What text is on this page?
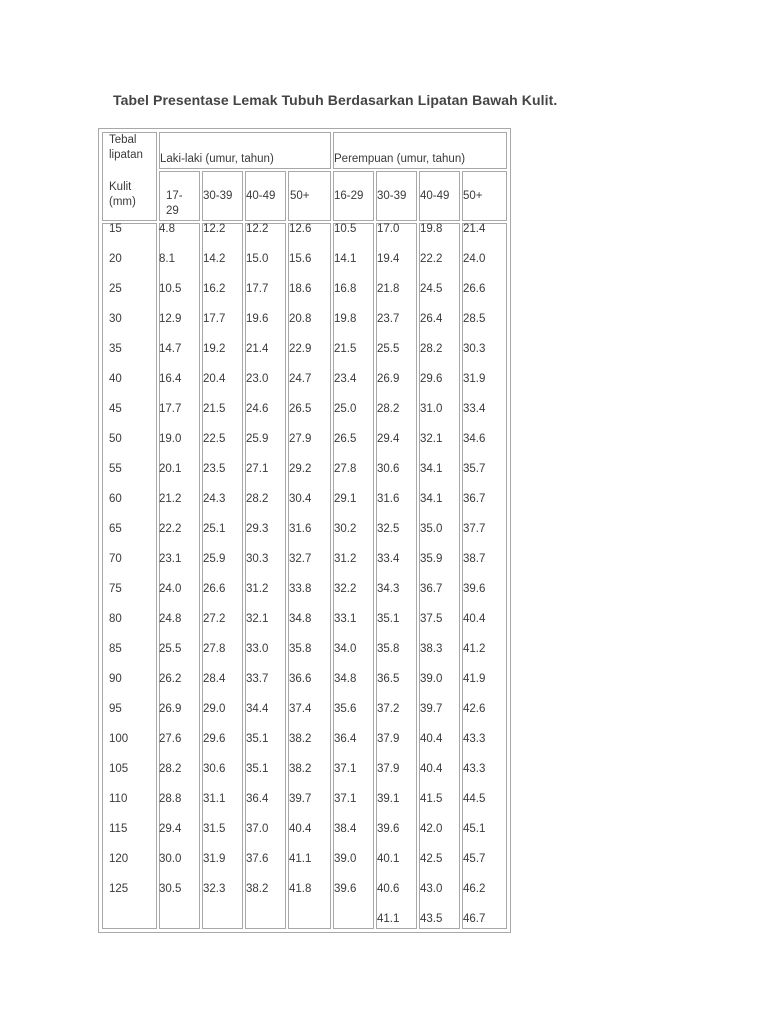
Tabel Presentase Lemak Tubuh Berdasarkan Lipatan Bawah Kulit.
Tebal
lipatan
Kulit
(mm)
Laki-laki (umur, tahun)	Perempuan (umur, tahun)
17-
29
30-39 40-49 50+ 16-29 30-39 40-49 50+
15
20
25
30
35
40
45
50
55
60
65
70
75
80
85
90
95
100
105
110
115
120
125
4.8
8.1
10.5
12.9
14.7
16.4
17.7
19.0
20.1
21.2
22.2
23.1
24.0
24.8
25.5
26.2
26.9
27.6
28.2
28.8
29.4
30.0
30.5
12.2
14.2
16.2
17.7
19.2
20.4
21.5
22.5
23.5
24.3
25.1
25.9
26.6
27.2
27.8
28.4
29.0
29.6
30.6
31.1
31.5
31.9
32.3
12.2
15.0
17.7
19.6
21.4
23.0
24.6
25.9
27.1
28.2
29.3
30.3
31.2
32.1
33.0
33.7
34.4
35.1
35.1
36.4
37.0
37.6
38.2
12.6
15.6
18.6
20.8
22.9
24.7
26.5
27.9
29.2
30.4
31.6
32.7
33.8
34.8
35.8
36.6
37.4
38.2
38.2
39.7
40.4
41.1
41.8
10.5
14.1
16.8
19.8
21.5
23.4
25.0
26.5
27.8
29.1
30.2
31.2
32.2
33.1
34.0
34.8
35.6
36.4
37.1
37.1
38.4
39.0
39.6
17.0
19.4
21.8
23.7
25.5
26.9
28.2
29.4
30.6
31.6
32.5
33.4
34.3
35.1
35.8
36.5
37.2
37.9
37.9
39.1
39.6
40.1
40.6
41.1
19.8
22.2
24.5
26.4
28.2
29.6
31.0
32.1
34.1
34.1
35.0
35.9
36.7
37.5
38.3
39.0
39.7
40.4
40.4
41.5
42.0
42.5
43.0
43.5
21.4
24.0
26.6
28.5
30.3
31.9
33.4
34.6
35.7
36.7
37.7
38.7
39.6
40.4
41.2
41.9
42.6
43.3
43.3
44.5
45.1
45.7
46.2
46.7
